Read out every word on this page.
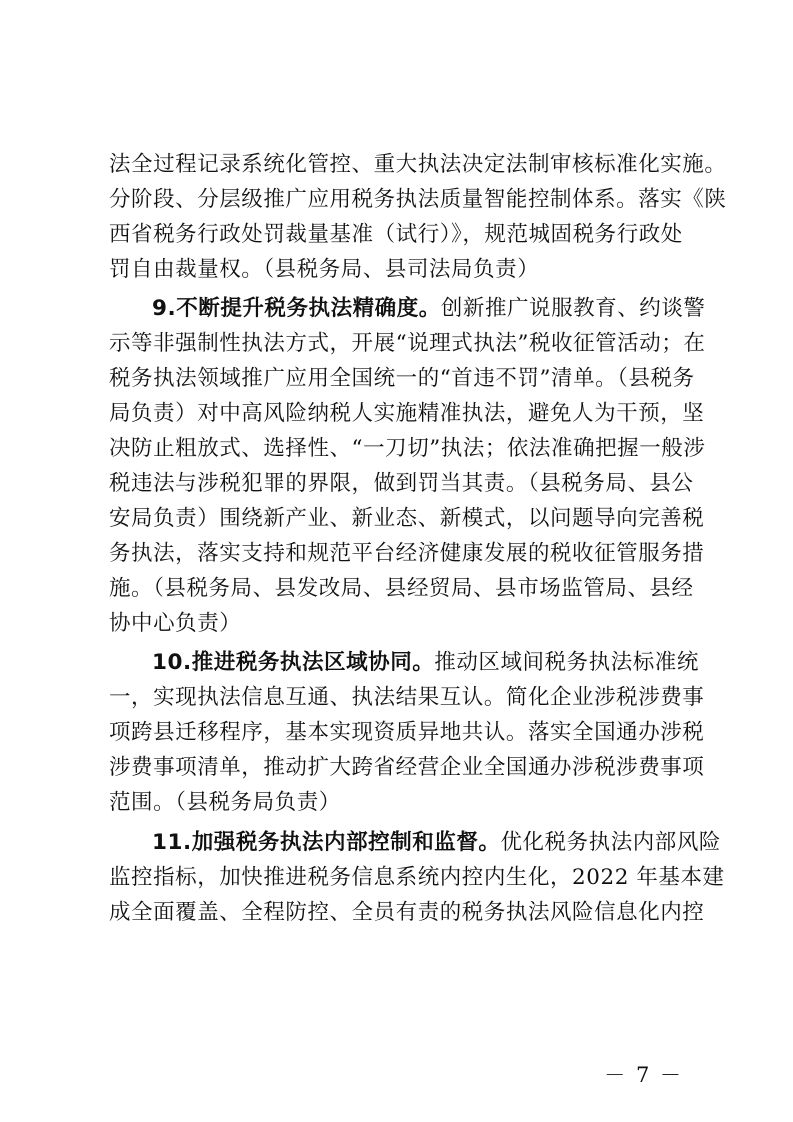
法全过程记录系统化管控、重大执法决定法制审核标准化实施。
分阶段、分层级推广应用税务执法质量智能控制体系。落实《陕
西省税务行政处罚裁量基准（试行）》，规范城固税务行政处
罚自由裁量权。（县税务局、县司法局负责）
9.不断提升税务执法精确度。创新推广说服教育、约谈警
示等非强制性执法方式，开展“说理式执法”税收征管活动；在
税务执法领域推广应用全国统一的“首违不罚”清单。（县税务
局负责）对中高风险纳税人实施精准执法，避免人为干预，坚
决防止粗放式、选择性、“一刀切”执法；依法准确把握一般涉
税违法与涉税犯罪的界限，做到罚当其责。（县税务局、县公
安局负责）围绕新产业、新业态、新模式，以问题导向完善税
务执法，落实支持和规范平台经济健康发展的税收征管服务措
施。（县税务局、县发改局、县经贸局、县市场监管局、县经
协中心负责）
10.推进税务执法区域协同。推动区域间税务执法标准统
一，实现执法信息互通、执法结果互认。简化企业涉税涉费事
项跨县迁移程序，基本实现资质异地共认。落实全国通办涉税
涉费事项清单，推动扩大跨省经营企业全国通办涉税涉费事项
范围。（县税务局负责）
11.加强税务执法内部控制和监督。优化税务执法内部风险
监控指标，加快推进税务信息系统内控内生化，2022 年基本建
成全面覆盖、全程防控、全员有责的税务执法风险信息化内控
－ 7 －
